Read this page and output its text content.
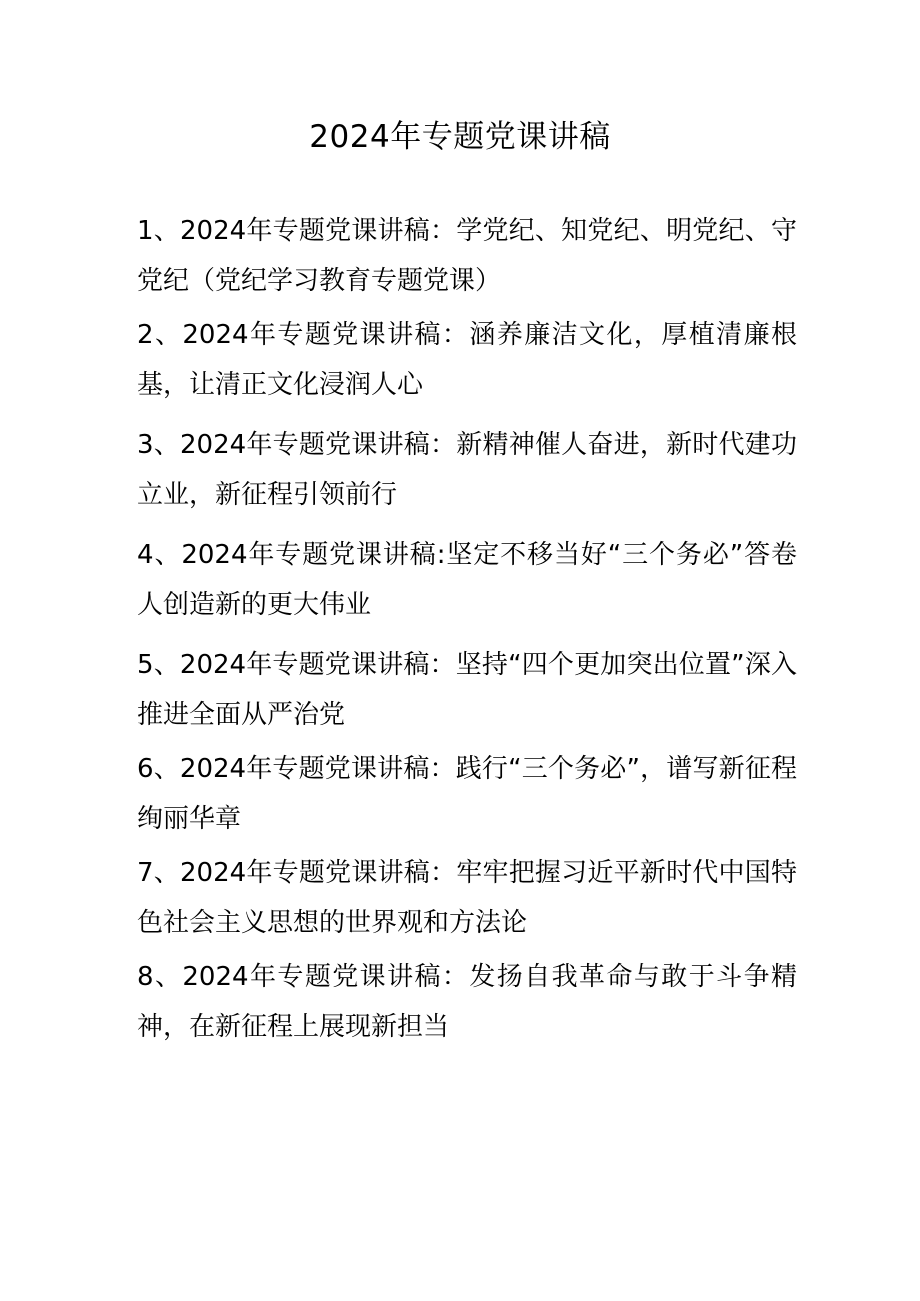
2024年专题党课讲稿
1、2024年专题党课讲稿：学党纪、知党纪、明党纪、守党纪（党纪学习教育专题党课）
2、2024年专题党课讲稿：涵养廉洁文化，厚植清廉根基，让清正文化浸润人心
3、2024年专题党课讲稿：新精神催人奋进，新时代建功立业，新征程引领前行
4、2024年专题党课讲稿:坚定不移当好“三个务必”答卷人创造新的更大伟业
5、2024年专题党课讲稿：坚持“四个更加突出位置”深入推进全面从严治党
6、2024年专题党课讲稿：践行“三个务必”，谱写新征程绚丽华章
7、2024年专题党课讲稿：牢牢把握习近平新时代中国特色社会主义思想的世界观和方法论
8、2024年专题党课讲稿：发扬自我革命与敢于斗争精神，在新征程上展现新担当
